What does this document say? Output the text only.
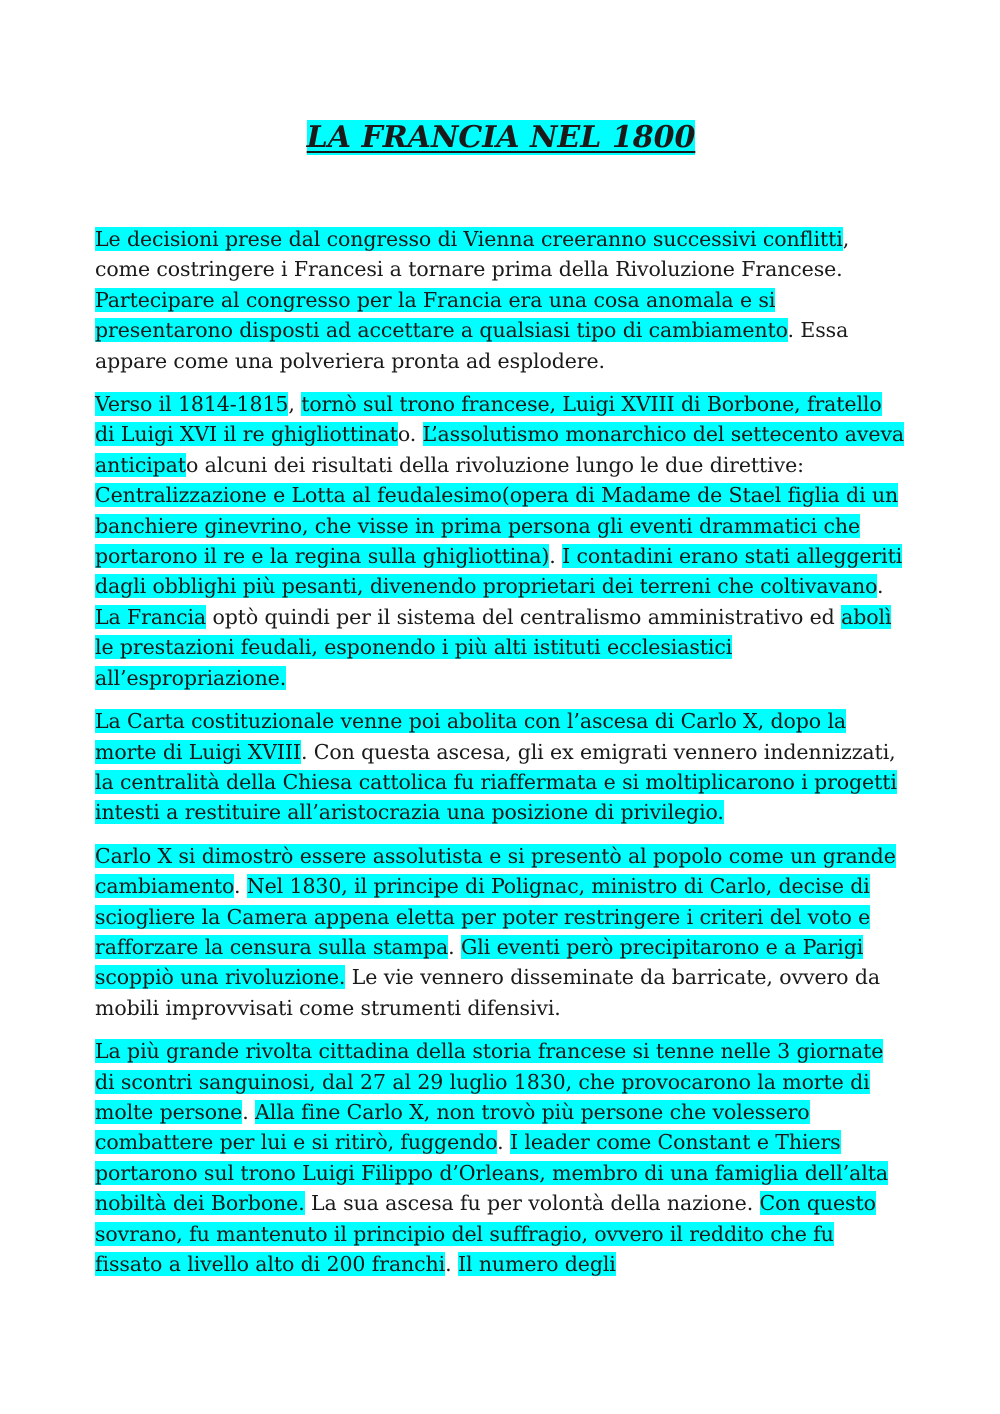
LA FRANCIA NEL 1800

Le decisioni prese dal congresso di Vienna creeranno successivi conflitti, come costringere i Francesi a tornare prima della Rivoluzione Francese. Partecipare al congresso per la Francia era una cosa anomala e si presentarono disposti ad accettare a qualsiasi tipo di cambiamento. Essa appare come una polveriera pronta ad esplodere.

Verso il 1814-1815, tornò sul trono francese, Luigi XVIII di Borbone, fratello di Luigi XVI il re ghigliottinato. L’assolutismo monarchico del settecento aveva anticipato alcuni dei risultati della rivoluzione lungo le due direttive: Centralizzazione e Lotta al feudalesimo(opera di Madame de Stael figlia di un banchiere ginevrino, che visse in prima persona gli eventi drammatici che portarono il re e la regina sulla ghigliottina). I contadini erano stati alleggeriti dagli obblighi più pesanti, divenendo proprietari dei terreni che coltivavano. La Francia optò quindi per il sistema del centralismo amministrativo ed abolì le prestazioni feudali, esponendo i più alti istituti ecclesiastici all’espropriazione.

La Carta costituzionale venne poi abolita con l’ascesa di Carlo X, dopo la morte di Luigi XVIII. Con questa ascesa, gli ex emigrati vennero indennizzati, la centralità della Chiesa cattolica fu riaffermata e si moltiplicarono i progetti intesti a restituire all’aristocrazia una posizione di privilegio.

Carlo X si dimostrò essere assolutista e si presentò al popolo come un grande cambiamento. Nel 1830, il principe di Polignac, ministro di Carlo, decise di sciogliere la Camera appena eletta per poter restringere i criteri del voto e rafforzare la censura sulla stampa. Gli eventi però precipitarono e a Parigi scoppiò una rivoluzione. Le vie vennero disseminate da barricate, ovvero da mobili improvvisati come strumenti difensivi.

La più grande rivolta cittadina della storia francese si tenne nelle 3 giornate di scontri sanguinosi, dal 27 al 29 luglio 1830, che provocarono la morte di molte persone. Alla fine Carlo X, non trovò più persone che volessero combattere per lui e si ritirò, fuggendo. I leader come Constant e Thiers portarono sul trono Luigi Filippo d’Orleans, membro di una famiglia dell’alta nobiltà dei Borbone. La sua ascesa fu per volontà della nazione. Con questo sovrano, fu mantenuto il principio del suffragio, ovvero il reddito che fu fissato a livello alto di 200 franchi. Il numero degli
